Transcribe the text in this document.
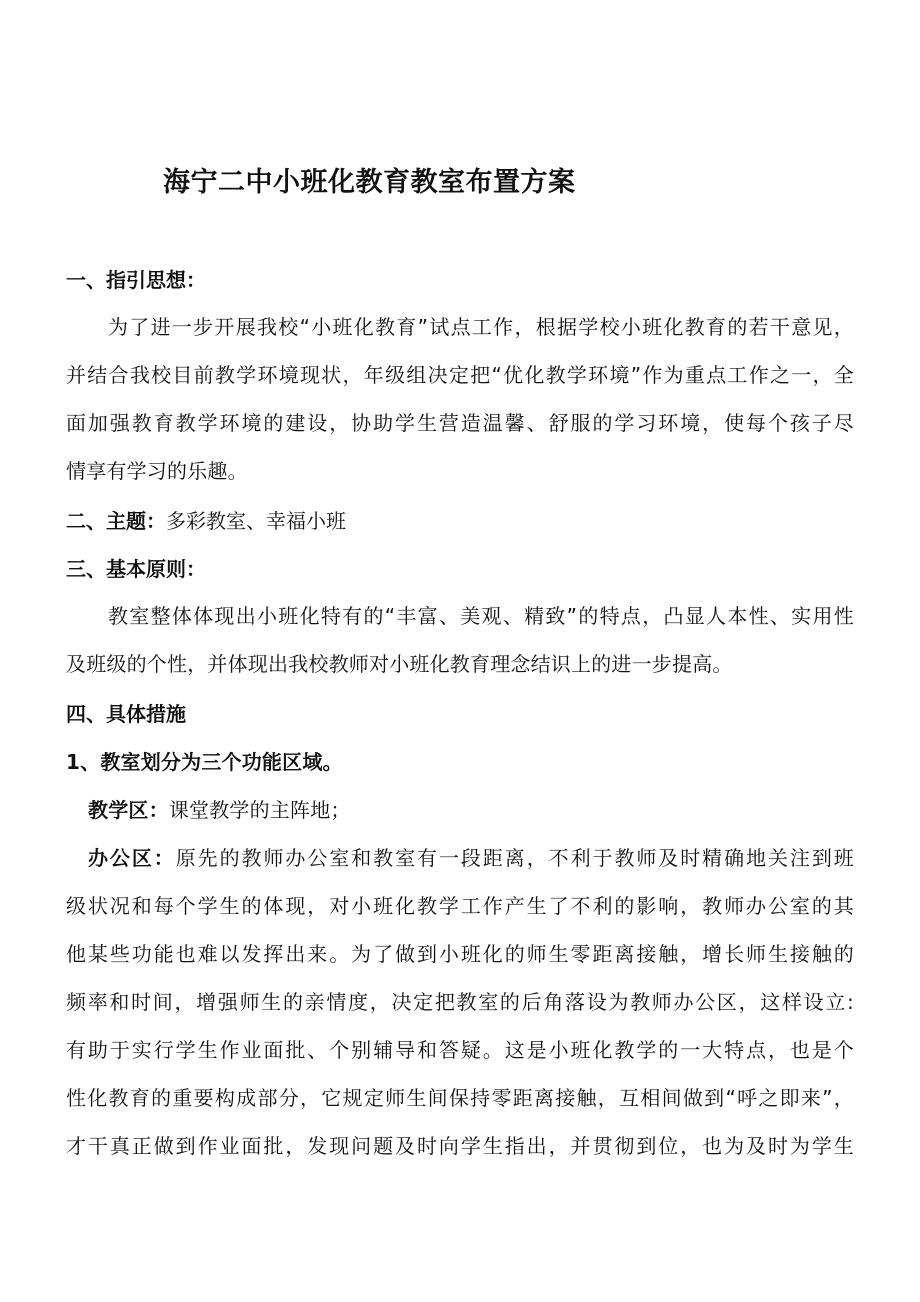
海宁二中小班化教育教室布置方案
一、指引思想：
为了进一步开展我校“小班化教育”试点工作，根据学校小班化教育的若干意见，
并结合我校目前教学环境现状，年级组决定把“优化教学环境”作为重点工作之一，全
面加强教育教学环境的建设，协助学生营造温馨、舒服的学习环境，使每个孩子尽
情享有学习的乐趣。
二、主题：多彩教室、幸福小班
三、基本原则：
教室整体体现出小班化特有的“丰富、美观、精致”的特点，凸显人本性、实用性
及班级的个性，并体现出我校教师对小班化教育理念结识上的进一步提高。
四、具体措施
1、教室划分为三个功能区域。
教学区：课堂教学的主阵地；
办公区：原先的教师办公室和教室有一段距离，不利于教师及时精确地关注到班
级状况和每个学生的体现，对小班化教学工作产生了不利的影响，教师办公室的其
他某些功能也难以发挥出来。为了做到小班化的师生零距离接触，增长师生接触的
频率和时间，增强师生的亲情度，决定把教室的后角落设为教师办公区，这样设立:
有助于实行学生作业面批、个别辅导和答疑。这是小班化教学的一大特点，也是个
性化教育的重要构成部分，它规定师生间保持零距离接触，互相间做到“呼之即来”，
才干真正做到作业面批，发现问题及时向学生指出，并贯彻到位，也为及时为学生
